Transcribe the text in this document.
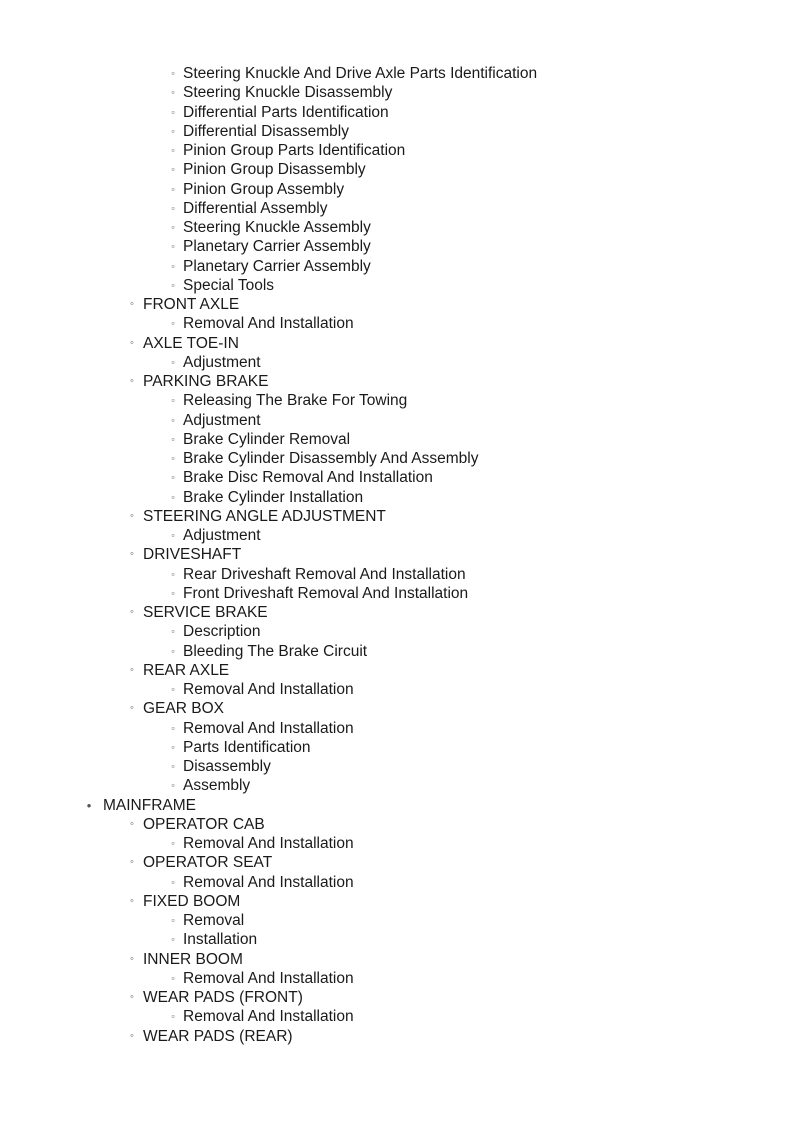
▫ Steering Knuckle And Drive Axle Parts Identification
▫ Steering Knuckle Disassembly
▫ Differential Parts Identification
▫ Differential Disassembly
▫ Pinion Group Parts Identification
▫ Pinion Group Disassembly
▫ Pinion Group Assembly
▫ Differential Assembly
▫ Steering Knuckle Assembly
▫ Planetary Carrier Assembly
▫ Planetary Carrier Assembly
▫ Special Tools
◦ FRONT AXLE
▫ Removal And Installation
◦ AXLE TOE-IN
▫ Adjustment
◦ PARKING BRAKE
▫ Releasing The Brake For Towing
▫ Adjustment
▫ Brake Cylinder Removal
▫ Brake Cylinder Disassembly And Assembly
▫ Brake Disc Removal And Installation
▫ Brake Cylinder Installation
◦ STEERING ANGLE ADJUSTMENT
▫ Adjustment
◦ DRIVESHAFT
▫ Rear Driveshaft Removal And Installation
▫ Front Driveshaft Removal And Installation
◦ SERVICE BRAKE
▫ Description
▫ Bleeding The Brake Circuit
◦ REAR AXLE
▫ Removal And Installation
◦ GEAR BOX
▫ Removal And Installation
▫ Parts Identification
▫ Disassembly
▫ Assembly
• MAINFRAME
◦ OPERATOR CAB
▫ Removal And Installation
◦ OPERATOR SEAT
▫ Removal And Installation
◦ FIXED BOOM
▫ Removal
▫ Installation
◦ INNER BOOM
▫ Removal And Installation
◦ WEAR PADS (FRONT)
▫ Removal And Installation
◦ WEAR PADS (REAR)
